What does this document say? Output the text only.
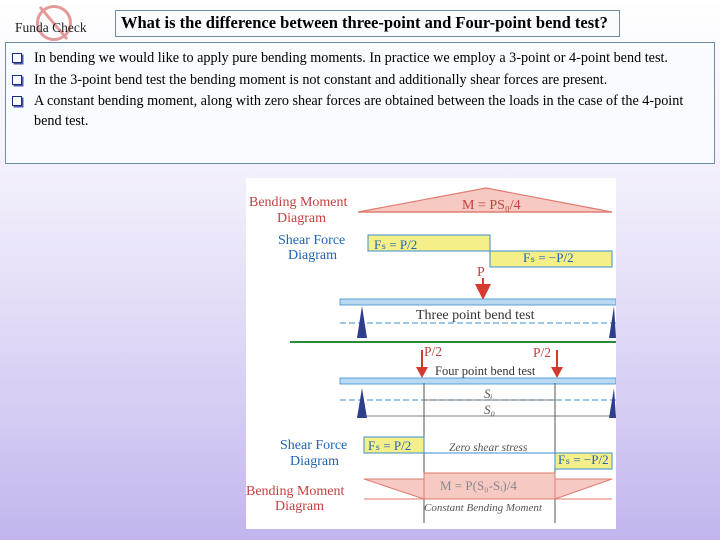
Funda Check	What is the difference between three-point and Four-point bend test?
In bending we would like to apply pure bending moments. In practice we employ a 3-point or 4-point bend test.
In the 3-point bend test the bending moment is not constant and additionally shear forces are present.
A constant bending moment, along with zero shear forces are obtained between the loads in the case of the 4-point bend test.
M = PS₀/4
Bending Moment
Diagram
Fₛ = P/2
Fₛ = −P/2
Shear Force
Diagram
P
Three point bend test
P/2	P/2
Four point bend test
Sᵢ
S₀
Fₛ = P/2	Zero shear stress
Fₛ = −P/2
Shear Force
Diagram
M = P(S₀-Sᵢ)/4
Constant Bending Moment
Bending Moment
Diagram
